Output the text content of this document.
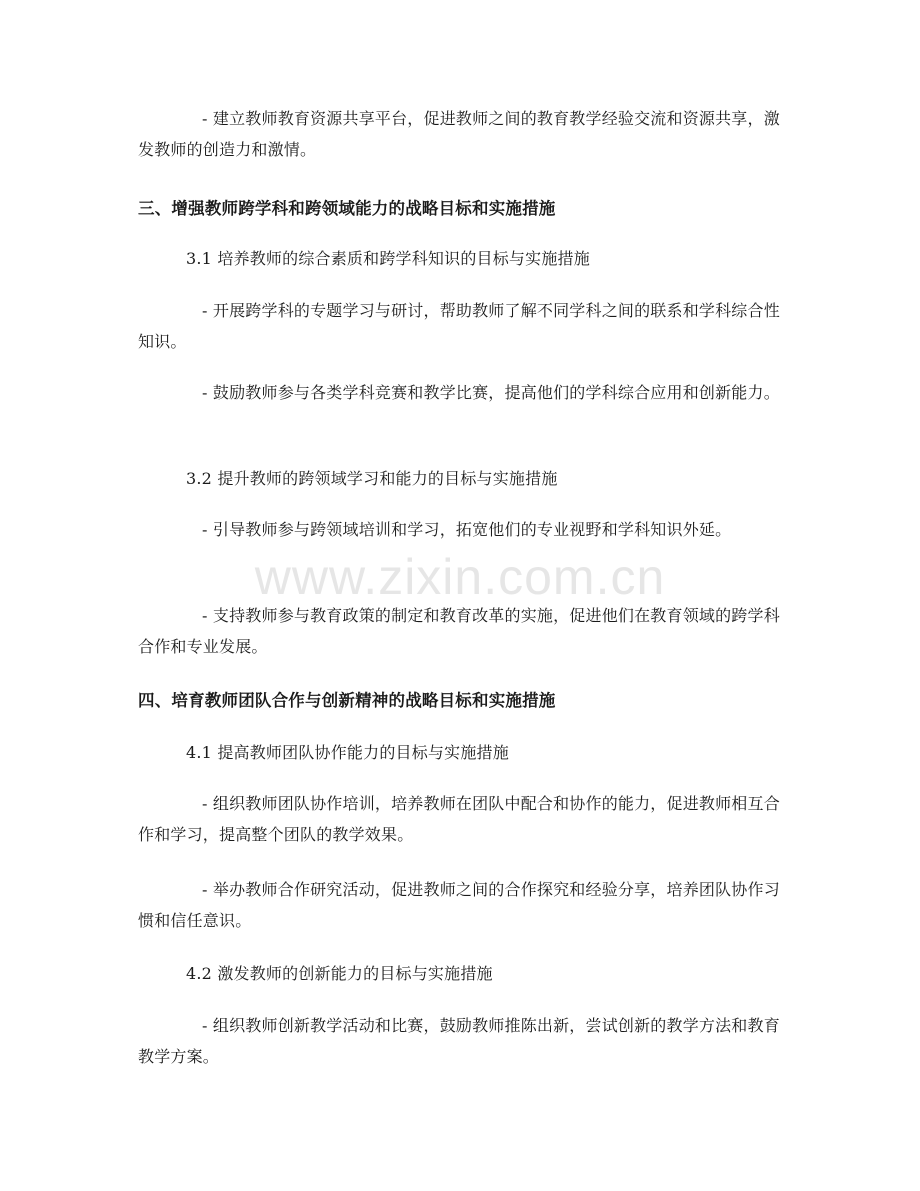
www.zixin.com.cn
- 建立教师教育资源共享平台，促进教师之间的教育教学经验交流和资源共享，激发教师的创造力和激情。
三、增强教师跨学科和跨领域能力的战略目标和实施措施
3.1 培养教师的综合素质和跨学科知识的目标与实施措施
- 开展跨学科的专题学习与研讨，帮助教师了解不同学科之间的联系和学科综合性知识。
- 鼓励教师参与各类学科竞赛和教学比赛，提高他们的学科综合应用和创新能力。
3.2 提升教师的跨领域学习和能力的目标与实施措施
- 引导教师参与跨领域培训和学习，拓宽他们的专业视野和学科知识外延。
- 支持教师参与教育政策的制定和教育改革的实施，促进他们在教育领域的跨学科合作和专业发展。
四、培育教师团队合作与创新精神的战略目标和实施措施
4.1 提高教师团队协作能力的目标与实施措施
- 组织教师团队协作培训，培养教师在团队中配合和协作的能力，促进教师相互合作和学习，提高整个团队的教学效果。
- 举办教师合作研究活动，促进教师之间的合作探究和经验分享，培养团队协作习惯和信任意识。
4.2 激发教师的创新能力的目标与实施措施
- 组织教师创新教学活动和比赛，鼓励教师推陈出新，尝试创新的教学方法和教育教学方案。
